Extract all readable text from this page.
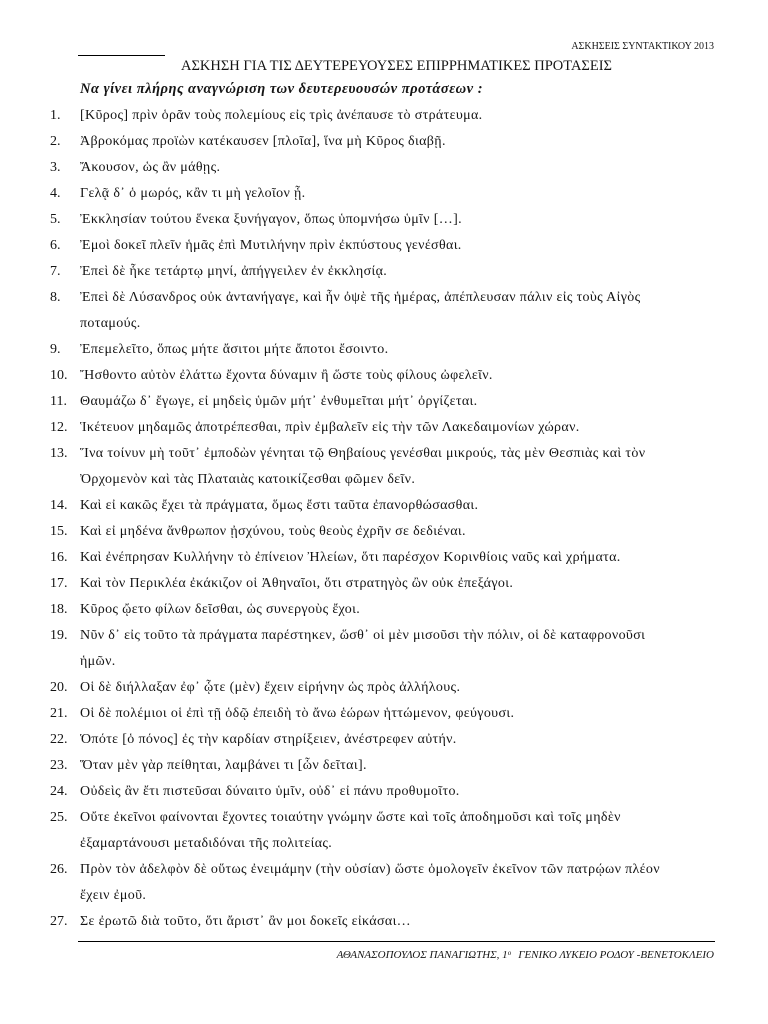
ΑΣΚΗΣΕΙΣ ΣΥΝΤΑΚΤΙΚΟΥ 2013
ΑΣΚΗΣΗ ΓΙΑ ΤΙΣ ΔΕΥΤΕΡΕΥΟΥΣΕΣ ΕΠΙΡΡΗΜΑΤΙΚΕΣ ΠΡΟΤΑΣΕΙΣ
Να γίνει πλήρης αναγνώριση των δευτερευουσών προτάσεων :
1. [Κῦρος] πρὶν ὁρᾶν τοὺς πολεμίους εἰς τρὶς ἀνέπαυσε τὸ στράτευμα.
2. Ἀβροκόμας προϊὼν κατέκαυσεν [πλοῖα], ἵνα μὴ Κῦρος διαβῇ.
3. Ἄκουσον, ὡς ἂν μάθῃς.
4. Γελᾷ δ᾽ ὁ μωρός, κἂν τι μὴ γελοῖον ᾖ.
5. Ἐκκλησίαν τούτου ἕνεκα ξυνήγαγον, ὅπως ὑπομνήσω ὑμῖν […].
6. Ἐμοὶ δοκεῖ πλεῖν ἡμᾶς ἐπὶ Μυτιλήνην πρὶν ἐκπύστους γενέσθαι.
7. Ἐπεὶ δὲ ἧκε τετάρτῳ μηνί, ἀπήγγειλεν ἐν ἐκκλησίᾳ.
8. Ἐπεὶ δὲ Λύσανδρος οὐκ ἀντανήγαγε, καὶ ἦν ὀψὲ τῆς ἡμέρας, ἀπέπλευσαν πάλιν εἰς τοὺς Αἰγὸς
ποταμούς.
9. Ἐπεμελεῖτο, ὅπως μήτε ἄσιτοι μήτε ἄποτοι ἔσοιντο.
10. Ἤσθοντο αὐτὸν ἐλάττω ἔχοντα δύναμιν ἢ ὥστε τοὺς φίλους ὠφελεῖν.
11. Θαυμάζω δ᾽ ἔγωγε, εἰ μηδεὶς ὑμῶν μήτ᾽ ἐνθυμεῖται μήτ᾽ ὀργίζεται.
12. Ἱκέτευον μηδαμῶς ἀποτρέπεσθαι, πρὶν ἐμβαλεῖν εἰς τὴν τῶν Λακεδαιμονίων χώραν.
13. Ἵνα τοίνυν μὴ τοῦτ᾽ ἐμποδὼν γένηται τῷ Θηβαίους γενέσθαι μικρούς, τὰς μὲν Θεσπιὰς καὶ τὸν
Ὀρχομενὸν καὶ τὰς Πλαταιὰς κατοικίζεσθαι φῶμεν δεῖν.
14. Καὶ εἰ κακῶς ἔχει τὰ πράγματα, ὅμως ἔστι ταῦτα ἐπανορθώσασθαι.
15. Καὶ εἰ μηδένα ἄνθρωπον ᾐσχύνου, τοὺς θεοὺς ἐχρῆν σε δεδιέναι.
16. Καὶ ἐνέπρησαν Κυλλήνην τὸ ἐπίνειον Ἠλείων, ὅτι παρέσχον Κορινθίοις ναῦς καὶ χρήματα.
17. Καὶ τὸν Περικλέα ἐκάκιζον οἱ Ἀθηναῖοι, ὅτι στρατηγὸς ὢν οὐκ ἐπεξάγοι.
18. Κῦρος ᾤετο φίλων δεῖσθαι, ὡς συνεργοὺς ἔχοι.
19. Νῦν δ᾽ εἰς τοῦτο τὰ πράγματα παρέστηκεν, ὥσθ᾽ οἱ μὲν μισοῦσι τὴν πόλιν, οἱ δὲ καταφρονοῦσι
ἡμῶν.
20. Οἱ δὲ διήλλαξαν ἐφ᾽ ᾧτε (μὲν) ἔχειν εἰρήνην ὡς πρὸς ἀλλήλους.
21. Οἱ δὲ πολέμιοι οἱ ἐπὶ τῇ ὁδῷ ἐπειδὴ τὸ ἄνω ἑώρων ἡττώμενον, φεύγουσι.
22. Ὁπότε [ὁ πόνος] ἐς τὴν καρδίαν στηρίξειεν, ἀνέστρεφεν αὐτήν.
23. Ὅταν μὲν γὰρ πείθηται, λαμβάνει τι [ὧν δεῖται].
24. Οὐδεὶς ἂν ἔτι πιστεῦσαι δύναιτο ὑμῖν, οὐδ᾽ εἰ πάνυ προθυμοῖτο.
25. Οὔτε ἐκεῖνοι φαίνονται ἔχοντες τοιαύτην γνώμην ὥστε καὶ τοῖς ἀποδημοῦσι καὶ τοῖς μηδὲν
ἐξαμαρτάνουσι μεταδιδόναι τῆς πολιτείας.
26. Πρὸν τὸν ἀδελφὸν δὲ οὕτως ἐνειμάμην (τὴν οὐσίαν) ὥστε ὁμολογεῖν ἐκεῖνον τῶν πατρῴων πλέον
ἔχειν ἐμοῦ.
27. Σε ἐρωτῶ διὰ τοῦτο, ὅτι ἄριστ᾽ ἂν μοι δοκεῖς εἰκάσαι…
ΑΘΑΝΑΣΟΠΟΥΛΟΣ ΠΑΝΑΓΙΩΤΗΣ, $1^o$ ΓΕΝΙΚΟ ΛΥΚΕΙΟ ΡΟΔΟΥ -ΒΕΝΕΤΟΚΛΕΙΟ
